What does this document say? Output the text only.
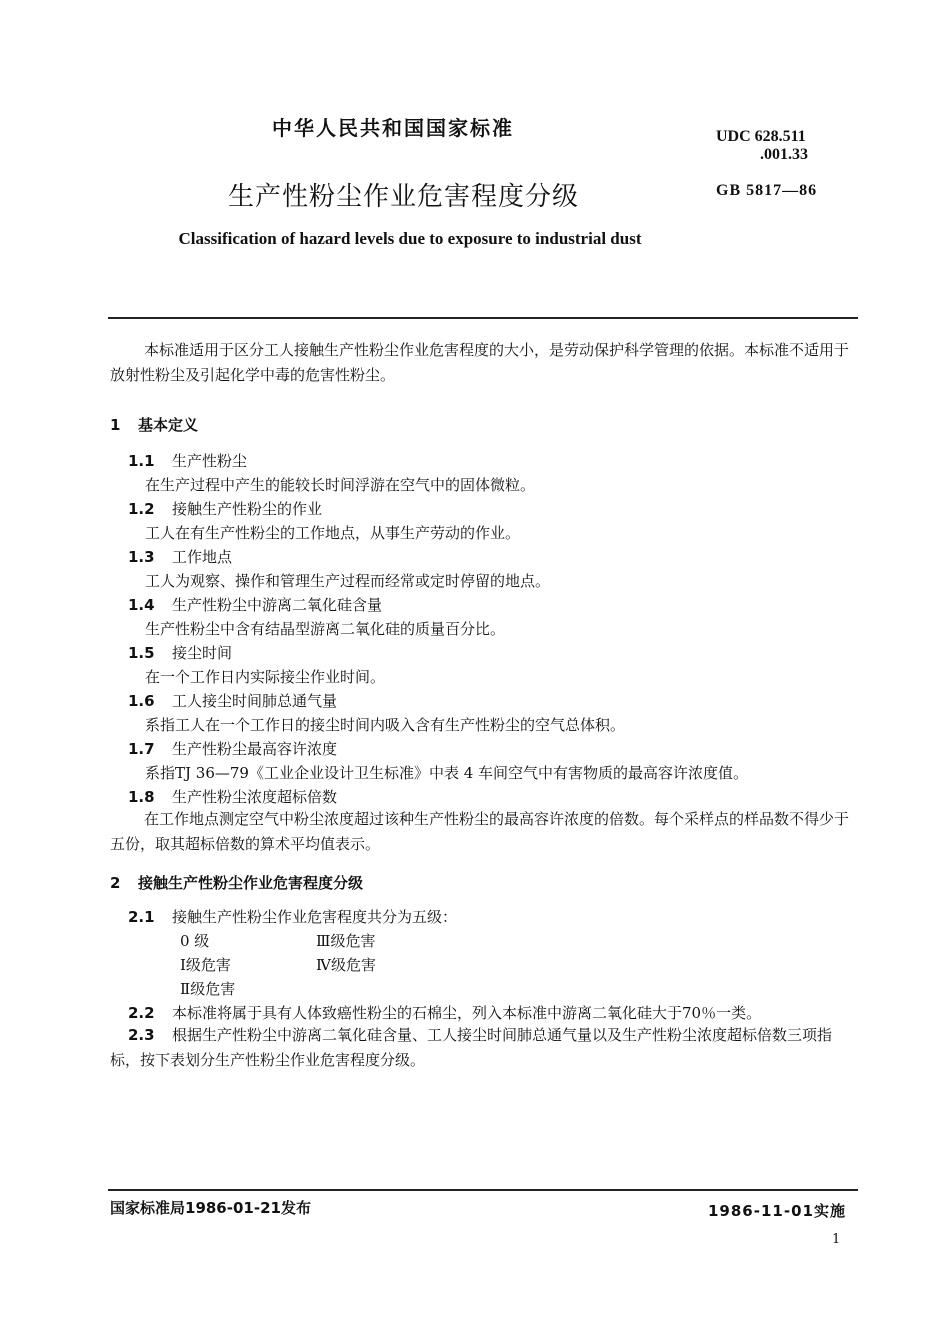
中华人民共和国国家标准	UDC 628.511
.001.33
生产性粉尘作业危害程度分级	GB 5817—86
Classification of hazard levels due to exposure to industrial dust
本标准适用于区分工人接触生产性粉尘作业危害程度的大小，是劳动保护科学管理的依据。本标准不适用于放射性粉尘及引起化学中毒的危害性粉尘。
1 基本定义
1.1 生产性粉尘
在生产过程中产生的能较长时间浮游在空气中的固体微粒。
1.2 接触生产性粉尘的作业
工人在有生产性粉尘的工作地点，从事生产劳动的作业。
1.3 工作地点
工人为观察、操作和管理生产过程而经常或定时停留的地点。
1.4 生产性粉尘中游离二氧化硅含量
生产性粉尘中含有结晶型游离二氧化硅的质量百分比。
1.5 接尘时间
在一个工作日内实际接尘作业时间。
1.6 工人接尘时间肺总通气量
系指工人在一个工作日的接尘时间内吸入含有生产性粉尘的空气总体积。
1.7 生产性粉尘最高容许浓度
系指TJ 36—79《工业企业设计卫生标准》中表 4 车间空气中有害物质的最高容许浓度值。
1.8 生产性粉尘浓度超标倍数
在工作地点测定空气中粉尘浓度超过该种生产性粉尘的最高容许浓度的倍数。每个采样点的样品数不得少于五份，取其超标倍数的算术平均值表示。
2 接触生产性粉尘作业危害程度分级
2.1 接触生产性粉尘作业危害程度共分为五级：
0 级	Ⅲ级危害
Ⅰ级危害	Ⅳ级危害
Ⅱ级危害
2.2 本标准将属于具有人体致癌性粉尘的石棉尘，列入本标准中游离二氧化硅大于70％一类。
2.3 根据生产性粉尘中游离二氧化硅含量、工人接尘时间肺总通气量以及生产性粉尘浓度超标倍数三项指标，按下表划分生产性粉尘作业危害程度分级。
国家标准局1986-01-21发布	1986-11-01实施
1
